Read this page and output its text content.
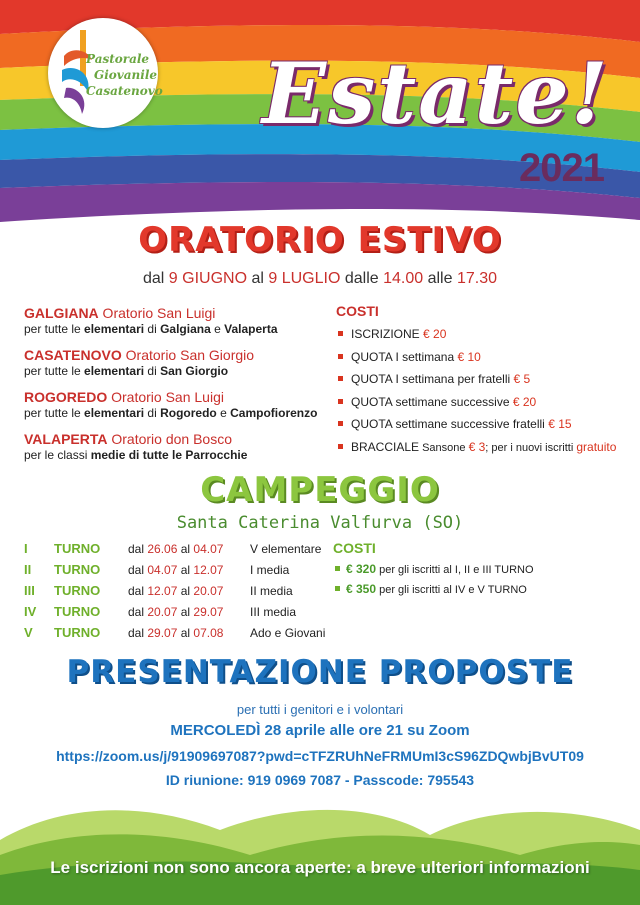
Pastorale
Giovanile
Casatenovo Estate!
2021
ORATORIO ESTIVO
dal 9 GIUGNO al 9 LUGLIO dalle 14.00 alle 17.30
GALGIANA Oratorio San Luigi
per tutte le elementari di Galgiana e Valaperta
CASATENOVO Oratorio San Giorgio
per tutte le elementari di San Giorgio
ROGOREDO Oratorio San Luigi
per tutte le elementari di Rogoredo e Campofiorenzo
VALAPERTA Oratorio don Bosco
per le classi medie di tutte le Parrocchie
COSTI
ISCRIZIONE € 20
QUOTA I settimana € 10
QUOTA I settimana per fratelli € 5
QUOTA settimane successive € 20
QUOTA settimane successive fratelli € 15
BRACCIALE Sansone € 3; per i nuovi iscritti gratuito
CAMPEGGIO
Santa Caterina Valfurva (SO)
I TURNO dal 26.06 al 04.07 V elementare
II TURNO dal 04.07 al 12.07 I media
III TURNO dal 12.07 al 20.07 II media
IV TURNO dal 20.07 al 29.07 III media
V TURNO dal 29.07 al 07.08 Ado e Giovani
COSTI
€ 320 per gli iscritti al I, II e III TURNO
€ 350 per gli iscritti al IV e V TURNO
PRESENTAZIONE PROPOSTE
per tutti i genitori e i volontari
MERCOLEDÌ 28 aprile alle ore 21 su Zoom
https://zoom.us/j/91909697087?pwd=cTFZRUhNeFRMUmI3cS96ZDQwbjBvUT09
ID riunione: 919 0969 7087 - Passcode: 795543
Le iscrizioni non sono ancora aperte: a breve ulteriori informazioni
